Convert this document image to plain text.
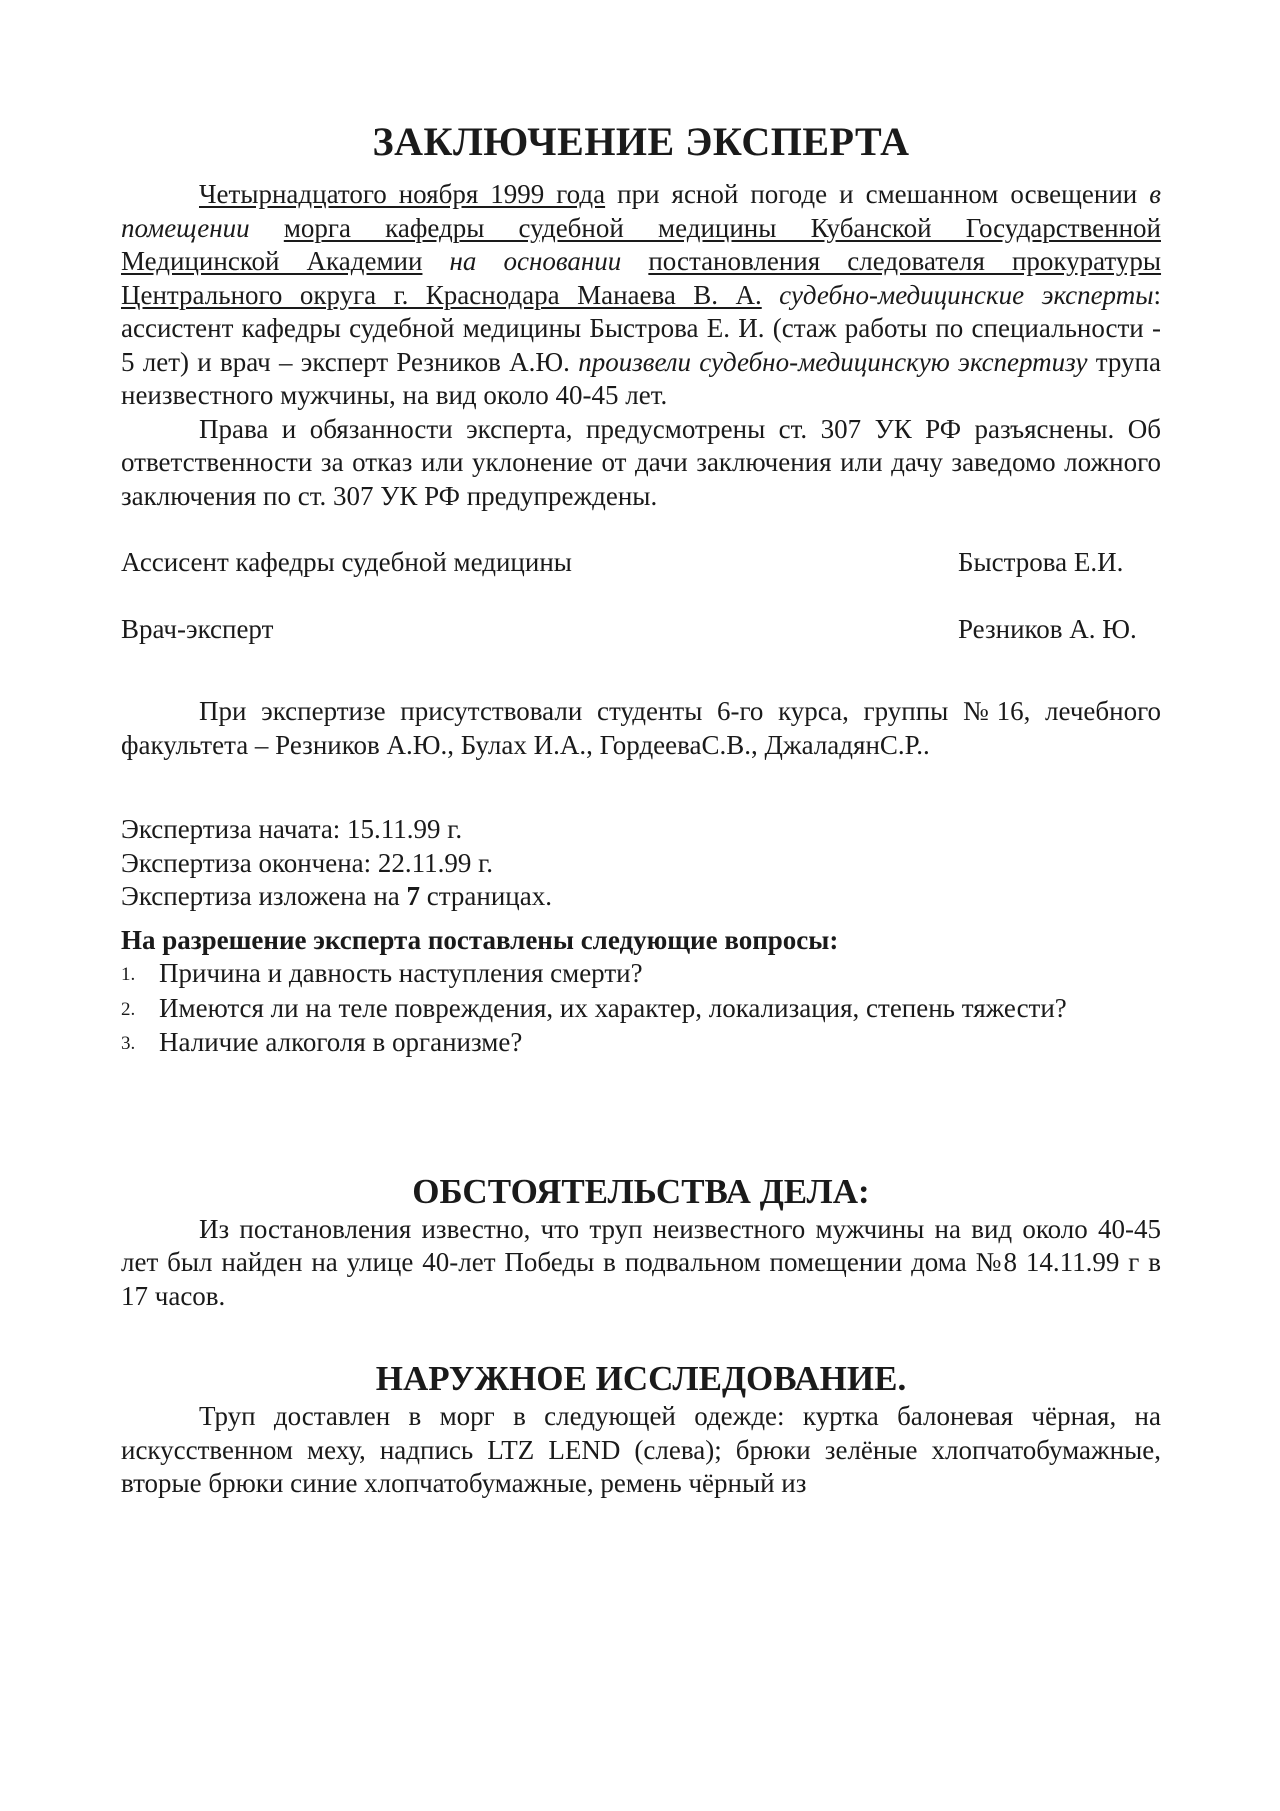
ЗАКЛЮЧЕНИЕ ЭКСПЕРТА

Четырнадцатого ноября 1999 года при ясной погоде и смешанном освещении в помещении морга кафедры судебной медицины Кубанской Государственной Медицинской Академии на основании постановления следователя прокуратуры Центрального округа г. Краснодара Манаева В. А. судебно-медицинские эксперты: ассистент кафедры судебной медицины Быстрова Е. И. (стаж работы по специальности - 5 лет) и врач – эксперт Резников А.Ю. произвели судебно-медицинскую экспертизу трупа неизвестного мужчины, на вид около 40-45 лет.

Права и обязанности эксперта, предусмотрены ст. 307 УК РФ разъяснены. Об ответственности за отказ или уклонение от дачи заключения или дачу заведомо ложного заключения по ст. 307 УК РФ предупреждены.

Ассисент кафедры судебной медицины	Быстрова Е.И.
Врач-эксперт	Резников А. Ю.

При экспертизе присутствовали студенты 6-го курса, группы №16, лечебного факультета – Резников А.Ю., Булах И.А., ГордееваС.В., ДжаладянС.Р..

Экспертиза начата: 15.11.99 г.
Экспертиза окончена: 22.11.99 г.
Экспертиза изложена на 7 страницах.
На разрешение эксперта поставлены следующие вопросы:
1. Причина и давность наступления смерти?
2. Имеются ли на теле повреждения, их характер, локализация, степень тяжести?
3. Наличие алкоголя в организме?
ОБСТОЯТЕЛЬСТВА ДЕЛА:

Из постановления известно, что труп неизвестного мужчины на вид около 40-45 лет был найден на улице 40-лет Победы в подвальном помещении дома №8 14.11.99 г в 17 часов.

НАРУЖНОЕ ИССЛЕДОВАНИЕ.

Труп доставлен в морг в следующей одежде: куртка балоневая чёрная, на искусственном меху, надпись LTZ LEND (слева); брюки зелёные хлопчатобумажные, вторые брюки синие хлопчатобумажные, ремень чёрный из
